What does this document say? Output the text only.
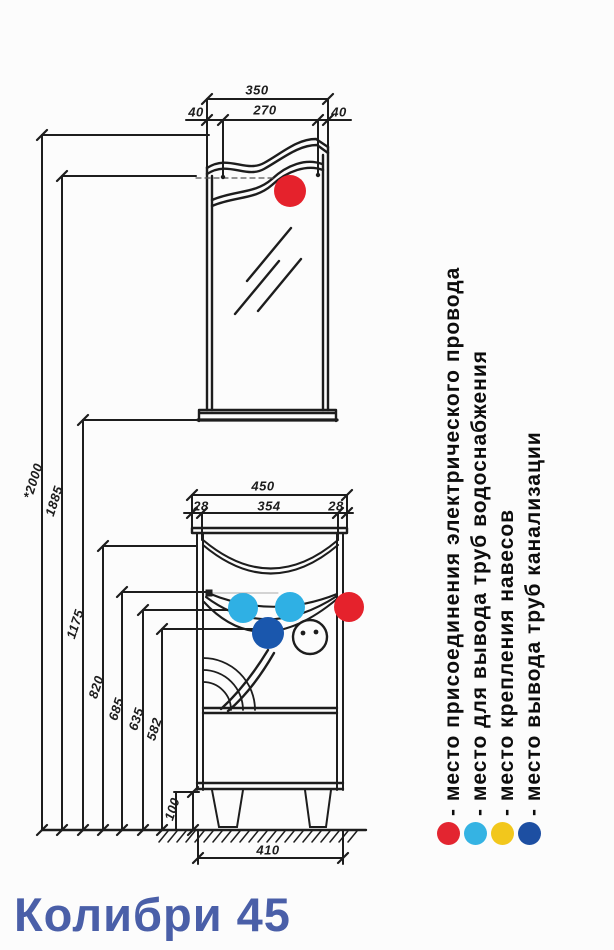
350
270
40	40
450
28	354	28
410
*2000
1885
1175
820
685
635
582
100	- место присоединения электрического провода - место для вывода труб водоснабжения - место крепления навесов - место вывода труб канализации
Колибри 45
